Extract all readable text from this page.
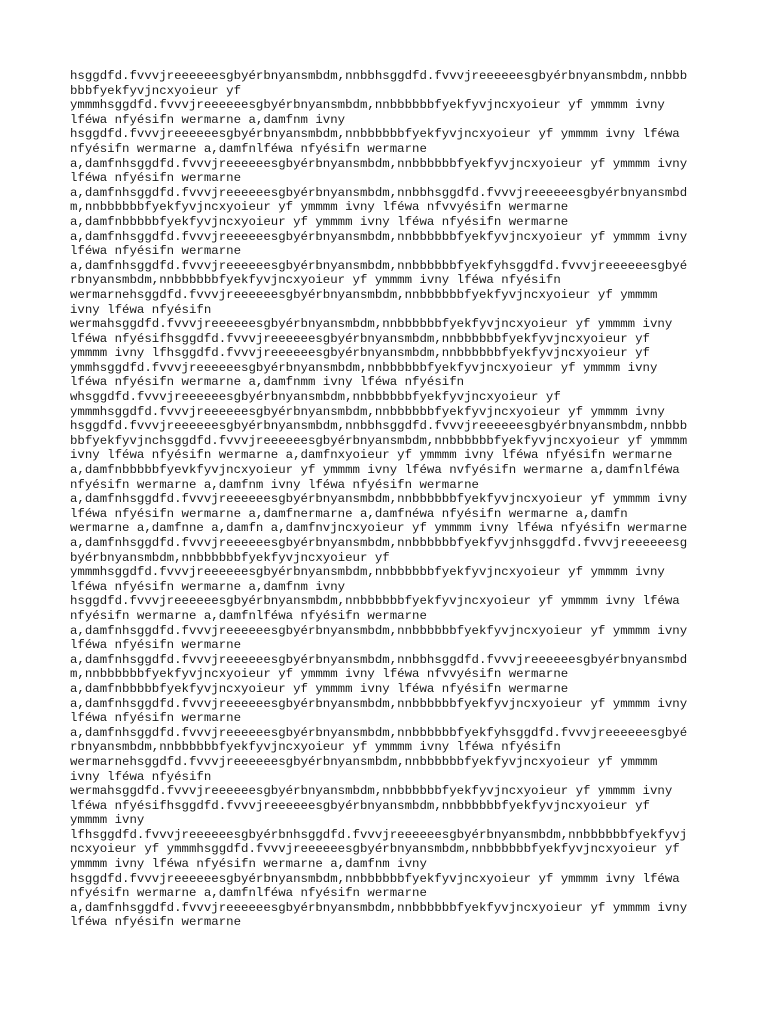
hsggdfd.fvvvjreeeeeesgbyérbnyansmbdm,nnbbhsggdfd.fvvvjreeeeeesgbyérbnyansmbdm,nnbbb
bbbfyekfyvjncxyoieur yf
ymmmhsggdfd.fvvvjreeeeeesgbyérbnyansmbdm,nnbbbbbbfyekfyvjncxyoieur yf ymmmm ivny
lféwa nfyésifn wermarne a,damfnm ivny
hsggdfd.fvvvjreeeeeesgbyérbnyansmbdm,nnbbbbbbfyekfyvjncxyoieur yf ymmmm ivny lféwa
nfyésifn wermarne a,damfnlféwa nfyésifn wermarne
a,damfnhsggdfd.fvvvjreeeeeesgbyérbnyansmbdm,nnbbbbbbfyekfyvjncxyoieur yf ymmmm ivny
lféwa nfyésifn wermarne
a,damfnhsggdfd.fvvvjreeeeeesgbyérbnyansmbdm,nnbbhsggdfd.fvvvjreeeeeesgbyérbnyansmbd
m,nnbbbbbbfyekfyvjncxyoieur yf ymmmm ivny lféwa nfvvyésifn wermarne
a,damfnbbbbbfyekfyvjncxyoieur yf ymmmm ivny lféwa nfyésifn wermarne
a,damfnhsggdfd.fvvvjreeeeeesgbyérbnyansmbdm,nnbbbbbbfyekfyvjncxyoieur yf ymmmm ivny
lféwa nfyésifn wermarne
a,damfnhsggdfd.fvvvjreeeeeesgbyérbnyansmbdm,nnbbbbbbfyekfyhsggdfd.fvvvjreeeeeesgbyé
rbnyansmbdm,nnbbbbbbfyekfyvjncxyoieur yf ymmmm ivny lféwa nfyésifn
wermarnehsggdfd.fvvvjreeeeeesgbyérbnyansmbdm,nnbbbbbbfyekfyvjncxyoieur yf ymmmm
ivny lféwa nfyésifn
wermahsggdfd.fvvvjreeeeeesgbyérbnyansmbdm,nnbbbbbbfyekfyvjncxyoieur yf ymmmm ivny
lféwa nfyésifhsggdfd.fvvvjreeeeeesgbyérbnyansmbdm,nnbbbbbbfyekfyvjncxyoieur yf
ymmmm ivny lfhsggdfd.fvvvjreeeeeesgbyérbnyansmbdm,nnbbbbbbfyekfyvjncxyoieur yf
ymmhsggdfd.fvvvjreeeeeesgbyérbnyansmbdm,nnbbbbbbfyekfyvjncxyoieur yf ymmmm ivny
lféwa nfyésifn wermarne a,damfnmm ivny lféwa nfyésifn
whsggdfd.fvvvjreeeeeesgbyérbnyansmbdm,nnbbbbbbfyekfyvjncxyoieur yf
ymmmhsggdfd.fvvvjreeeeeesgbyérbnyansmbdm,nnbbbbbbfyekfyvjncxyoieur yf ymmmm ivny
hsggdfd.fvvvjreeeeeesgbyérbnyansmbdm,nnbbhsggdfd.fvvvjreeeeeesgbyérbnyansmbdm,nnbbb
bbfyekfyvjnchsggdfd.fvvvjreeeeeesgbyérbnyansmbdm,nnbbbbbbfyekfyvjncxyoieur yf ymmmm
ivny lféwa nfyésifn wermarne a,damfnxyoieur yf ymmmm ivny lféwa nfyésifn wermarne
a,damfnbbbbbfyevkfyvjncxyoieur yf ymmmm ivny lféwa nvfyésifn wermarne a,damfnlféwa
nfyésifn wermarne a,damfnm ivny lféwa nfyésifn wermarne
a,damfnhsggdfd.fvvvjreeeeeesgbyérbnyansmbdm,nnbbbbbbfyekfyvjncxyoieur yf ymmmm ivny
lféwa nfyésifn wermarne a,damfnermarne a,damfnéwa nfyésifn wermarne a,damfn
wermarne a,damfnne a,damfn a,damfnvjncxyoieur yf ymmmm ivny lféwa nfyésifn wermarne
a,damfnhsggdfd.fvvvjreeeeeesgbyérbnyansmbdm,nnbbbbbbfyekfyvjnhsggdfd.fvvvjreeeeeesg
byérbnyansmbdm,nnbbbbbbfyekfyvjncxyoieur yf
ymmmhsggdfd.fvvvjreeeeeesgbyérbnyansmbdm,nnbbbbbbfyekfyvjncxyoieur yf ymmmm ivny
lféwa nfyésifn wermarne a,damfnm ivny
hsggdfd.fvvvjreeeeeesgbyérbnyansmbdm,nnbbbbbbfyekfyvjncxyoieur yf ymmmm ivny lféwa
nfyésifn wermarne a,damfnlféwa nfyésifn wermarne
a,damfnhsggdfd.fvvvjreeeeeesgbyérbnyansmbdm,nnbbbbbbfyekfyvjncxyoieur yf ymmmm ivny
lféwa nfyésifn wermarne
a,damfnhsggdfd.fvvvjreeeeeesgbyérbnyansmbdm,nnbbhsggdfd.fvvvjreeeeeesgbyérbnyansmbd
m,nnbbbbbbfyekfyvjncxyoieur yf ymmmm ivny lféwa nfvvyésifn wermarne
a,damfnbbbbbfyekfyvjncxyoieur yf ymmmm ivny lféwa nfyésifn wermarne
a,damfnhsggdfd.fvvvjreeeeeesgbyérbnyansmbdm,nnbbbbbbfyekfyvjncxyoieur yf ymmmm ivny
lféwa nfyésifn wermarne
a,damfnhsggdfd.fvvvjreeeeeesgbyérbnyansmbdm,nnbbbbbbfyekfyhsggdfd.fvvvjreeeeeesgbyé
rbnyansmbdm,nnbbbbbbfyekfyvjncxyoieur yf ymmmm ivny lféwa nfyésifn
wermarnehsggdfd.fvvvjreeeeeesgbyérbnyansmbdm,nnbbbbbbfyekfyvjncxyoieur yf ymmmm
ivny lféwa nfyésifn
wermahsggdfd.fvvvjreeeeeesgbyérbnyansmbdm,nnbbbbbbfyekfyvjncxyoieur yf ymmmm ivny
lféwa nfyésifhsggdfd.fvvvjreeeeeesgbyérbnyansmbdm,nnbbbbbbfyekfyvjncxyoieur yf
ymmmm ivny
lfhsggdfd.fvvvjreeeeeesgbyérbnhsggdfd.fvvvjreeeeeesgbyérbnyansmbdm,nnbbbbbbfyekfyvj
ncxyoieur yf ymmmhsggdfd.fvvvjreeeeeesgbyérbnyansmbdm,nnbbbbbbfyekfyvjncxyoieur yf
ymmmm ivny lféwa nfyésifn wermarne a,damfnm ivny
hsggdfd.fvvvjreeeeeesgbyérbnyansmbdm,nnbbbbbbfyekfyvjncxyoieur yf ymmmm ivny lféwa
nfyésifn wermarne a,damfnlféwa nfyésifn wermarne
a,damfnhsggdfd.fvvvjreeeeeesgbyérbnyansmbdm,nnbbbbbbfyekfyvjncxyoieur yf ymmmm ivny
lféwa nfyésifn wermarne
